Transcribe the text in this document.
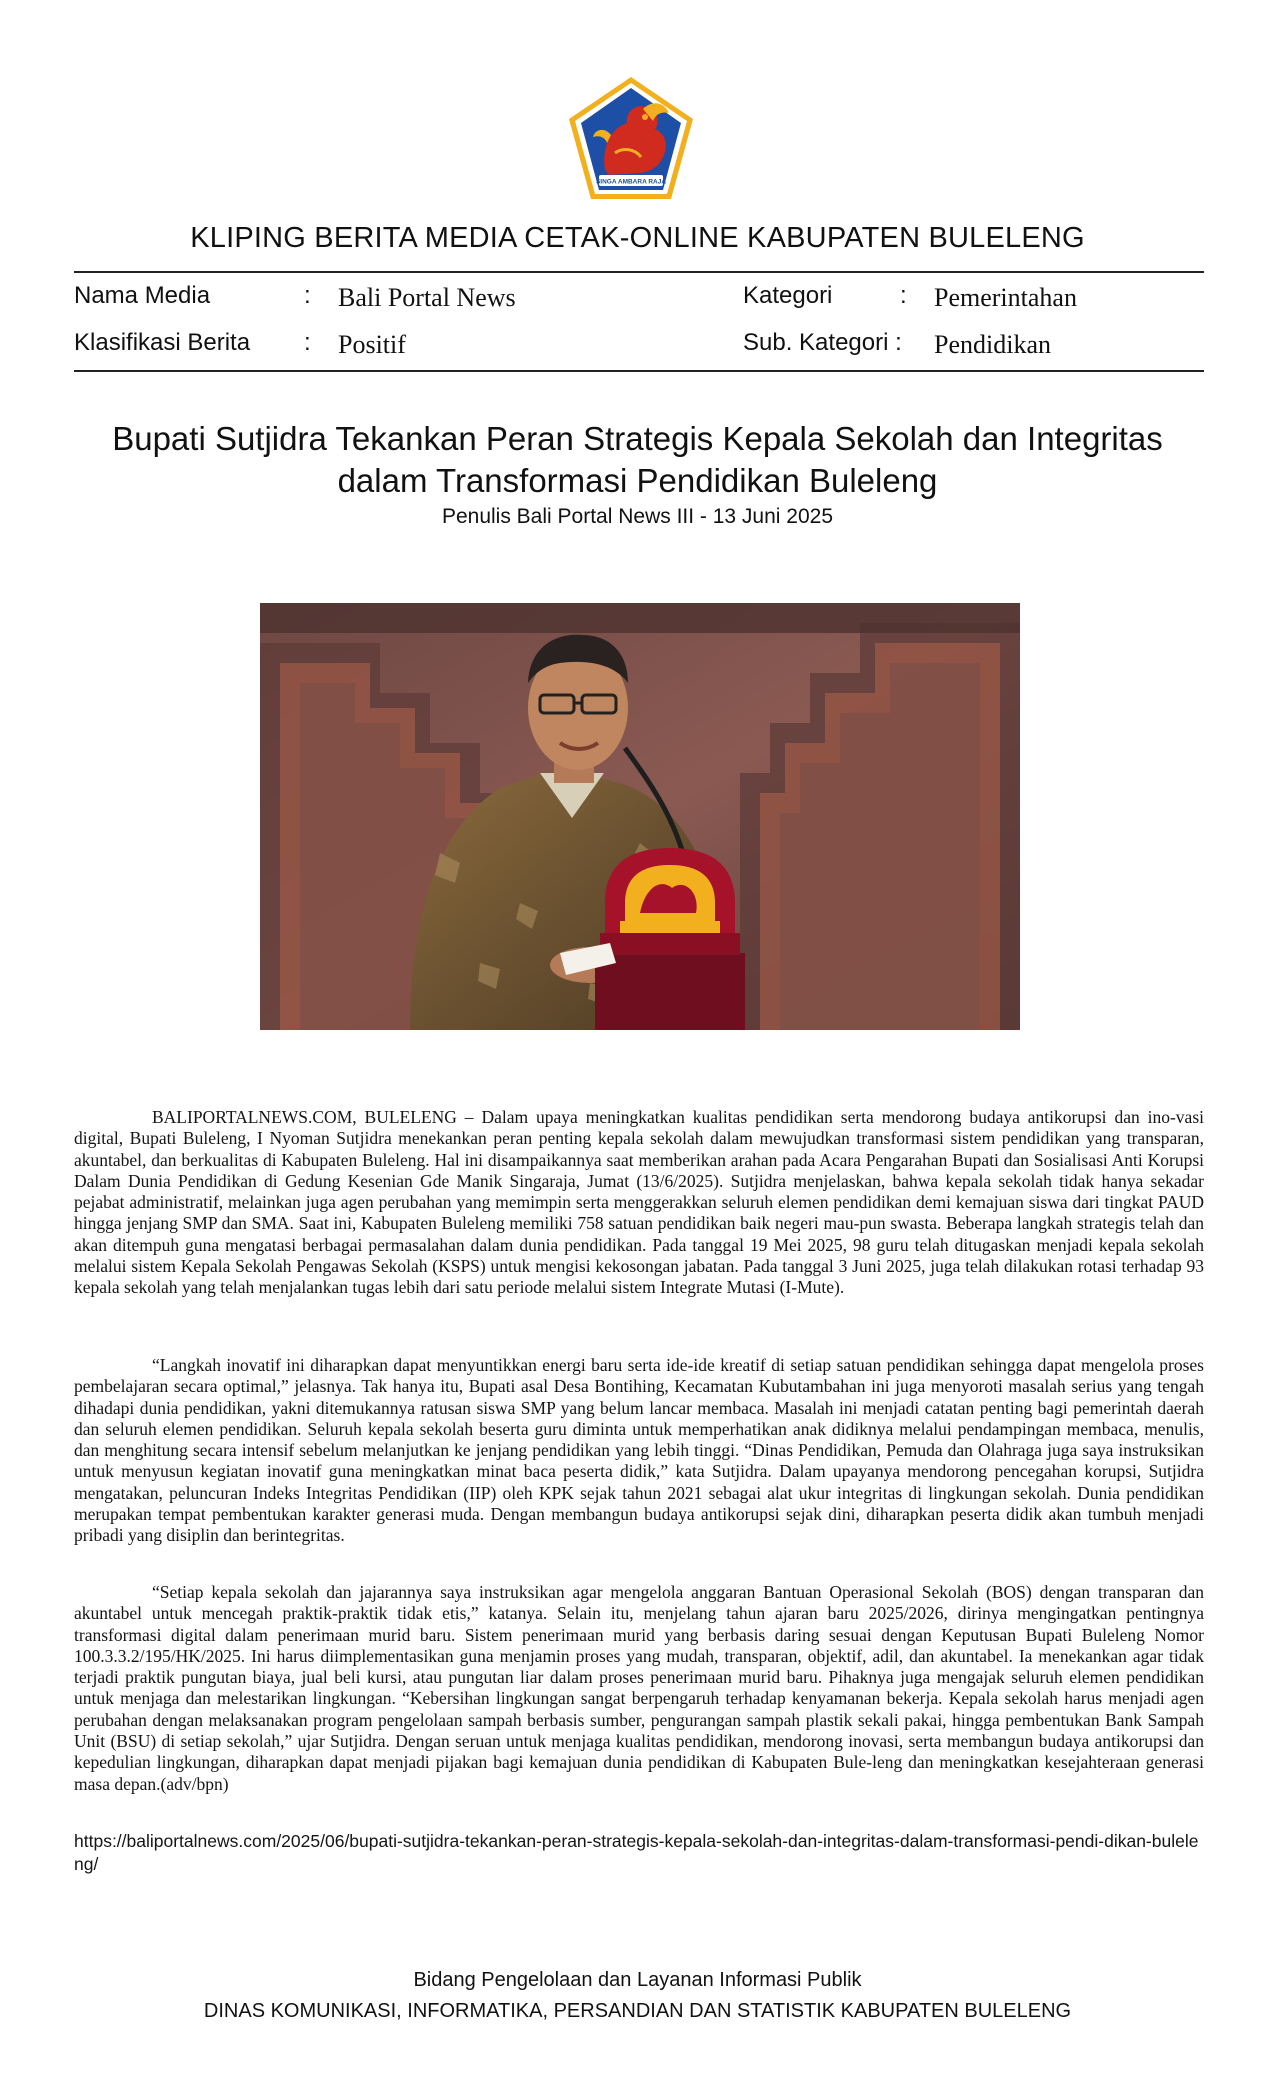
SINGA AMBARA RAJA
KLIPING BERITA MEDIA CETAK-ONLINE KABUPATEN BULELENG
Nama Media	: Bali Portal News	Kategori	: Pemerintahan
Klasifikasi Berita : Positif	Sub. Kategori : Pendidikan
Bupati Sutjidra Tekankan Peran Strategis Kepala Sekolah dan Integritas
dalam Transformasi Pendidikan Buleleng
Penulis Bali Portal News III - 13 Juni 2025

BALIPORTALNEWS.COM, BULELENG – Dalam upaya meningkatkan kualitas pendidikan serta mendorong budaya antikorupsi dan ino-vasi digital, Bupati Buleleng, I Nyoman Sutjidra menekankan peran penting kepala sekolah dalam mewujudkan transformasi sistem pendidikan yang transparan, akuntabel, dan berkualitas di Kabupaten Buleleng. Hal ini disampaikannya saat memberikan arahan pada Acara Pengarahan Bupati dan Sosialisasi Anti Korupsi Dalam Dunia Pendidikan di Gedung Kesenian Gde Manik Singaraja, Jumat (13/6/2025). Sutjidra menjelaskan, bahwa kepala sekolah tidak hanya sekadar pejabat administratif, melainkan juga agen perubahan yang memimpin serta menggerakkan seluruh elemen pendidikan demi kemajuan siswa dari tingkat PAUD hingga jenjang SMP dan SMA. Saat ini, Kabupaten Buleleng memiliki 758 satuan pendidikan baik negeri mau-pun swasta. Beberapa langkah strategis telah dan akan ditempuh guna mengatasi berbagai permasalahan dalam dunia pendidikan. Pada tanggal 19 Mei 2025, 98 guru telah ditugaskan menjadi kepala sekolah melalui sistem Kepala Sekolah Pengawas Sekolah (KSPS) untuk mengisi kekosongan jabatan. Pada tanggal 3 Juni 2025, juga telah dilakukan rotasi terhadap 93 kepala sekolah yang telah menjalankan tugas lebih dari satu periode melalui sistem Integrate Mutasi (I-Mute).

“Langkah inovatif ini diharapkan dapat menyuntikkan energi baru serta ide-ide kreatif di setiap satuan pendidikan sehingga dapat mengelola proses pembelajaran secara optimal,” jelasnya. Tak hanya itu, Bupati asal Desa Bontihing, Kecamatan Kubutambahan ini juga menyoroti masalah serius yang tengah dihadapi dunia pendidikan, yakni ditemukannya ratusan siswa SMP yang belum lancar membaca. Masalah ini menjadi catatan penting bagi pemerintah daerah dan seluruh elemen pendidikan. Seluruh kepala sekolah beserta guru diminta untuk memperhatikan anak didiknya melalui pendampingan membaca, menulis, dan menghitung secara intensif sebelum melanjutkan ke jenjang pendidikan yang lebih tinggi. “Dinas Pendidikan, Pemuda dan Olahraga juga saya instruksikan untuk menyusun kegiatan inovatif guna meningkatkan minat baca peserta didik,” kata Sutjidra. Dalam upayanya mendorong pencegahan korupsi, Sutjidra mengatakan, peluncuran Indeks Integritas Pendidikan (IIP) oleh KPK sejak tahun 2021 sebagai alat ukur integritas di lingkungan sekolah. Dunia pendidikan merupakan tempat pembentukan karakter generasi muda. Dengan membangun budaya antikorupsi sejak dini, diharapkan peserta didik akan tumbuh menjadi pribadi yang disiplin dan berintegritas.

“Setiap kepala sekolah dan jajarannya saya instruksikan agar mengelola anggaran Bantuan Operasional Sekolah (BOS) dengan transparan dan akuntabel untuk mencegah praktik-praktik tidak etis,” katanya. Selain itu, menjelang tahun ajaran baru 2025/2026, dirinya mengingatkan pentingnya transformasi digital dalam penerimaan murid baru. Sistem penerimaan murid yang berbasis daring sesuai dengan Keputusan Bupati Buleleng Nomor 100.3.3.2/195/HK/2025. Ini harus diimplementasikan guna menjamin proses yang mudah, transparan, objektif, adil, dan akuntabel. Ia menekankan agar tidak terjadi praktik pungutan biaya, jual beli kursi, atau pungutan liar dalam proses penerimaan murid baru. Pihaknya juga mengajak seluruh elemen pendidikan untuk menjaga dan melestarikan lingkungan. “Kebersihan lingkungan sangat berpengaruh terhadap kenyamanan bekerja. Kepala sekolah harus menjadi agen perubahan dengan melaksanakan program pengelolaan sampah berbasis sumber, pengurangan sampah plastik sekali pakai, hingga pembentukan Bank Sampah Unit (BSU) di setiap sekolah,” ujar Sutjidra. Dengan seruan untuk menjaga kualitas pendidikan, mendorong inovasi, serta membangun budaya antikorupsi dan kepedulian lingkungan, diharapkan dapat menjadi pijakan bagi kemajuan dunia pendidikan di Kabupaten Bule-leng dan meningkatkan kesejahteraan generasi masa depan.(adv/bpn)

https://baliportalnews.com/2025/06/bupati-sutjidra-tekankan-peran-strategis-kepala-sekolah-dan-integritas-dalam-transformasi-pendi-dikan-buleleng/
Bidang Pengelolaan dan Layanan Informasi Publik
DINAS KOMUNIKASI, INFORMATIKA, PERSANDIAN DAN STATISTIK KABUPATEN BULELENG
